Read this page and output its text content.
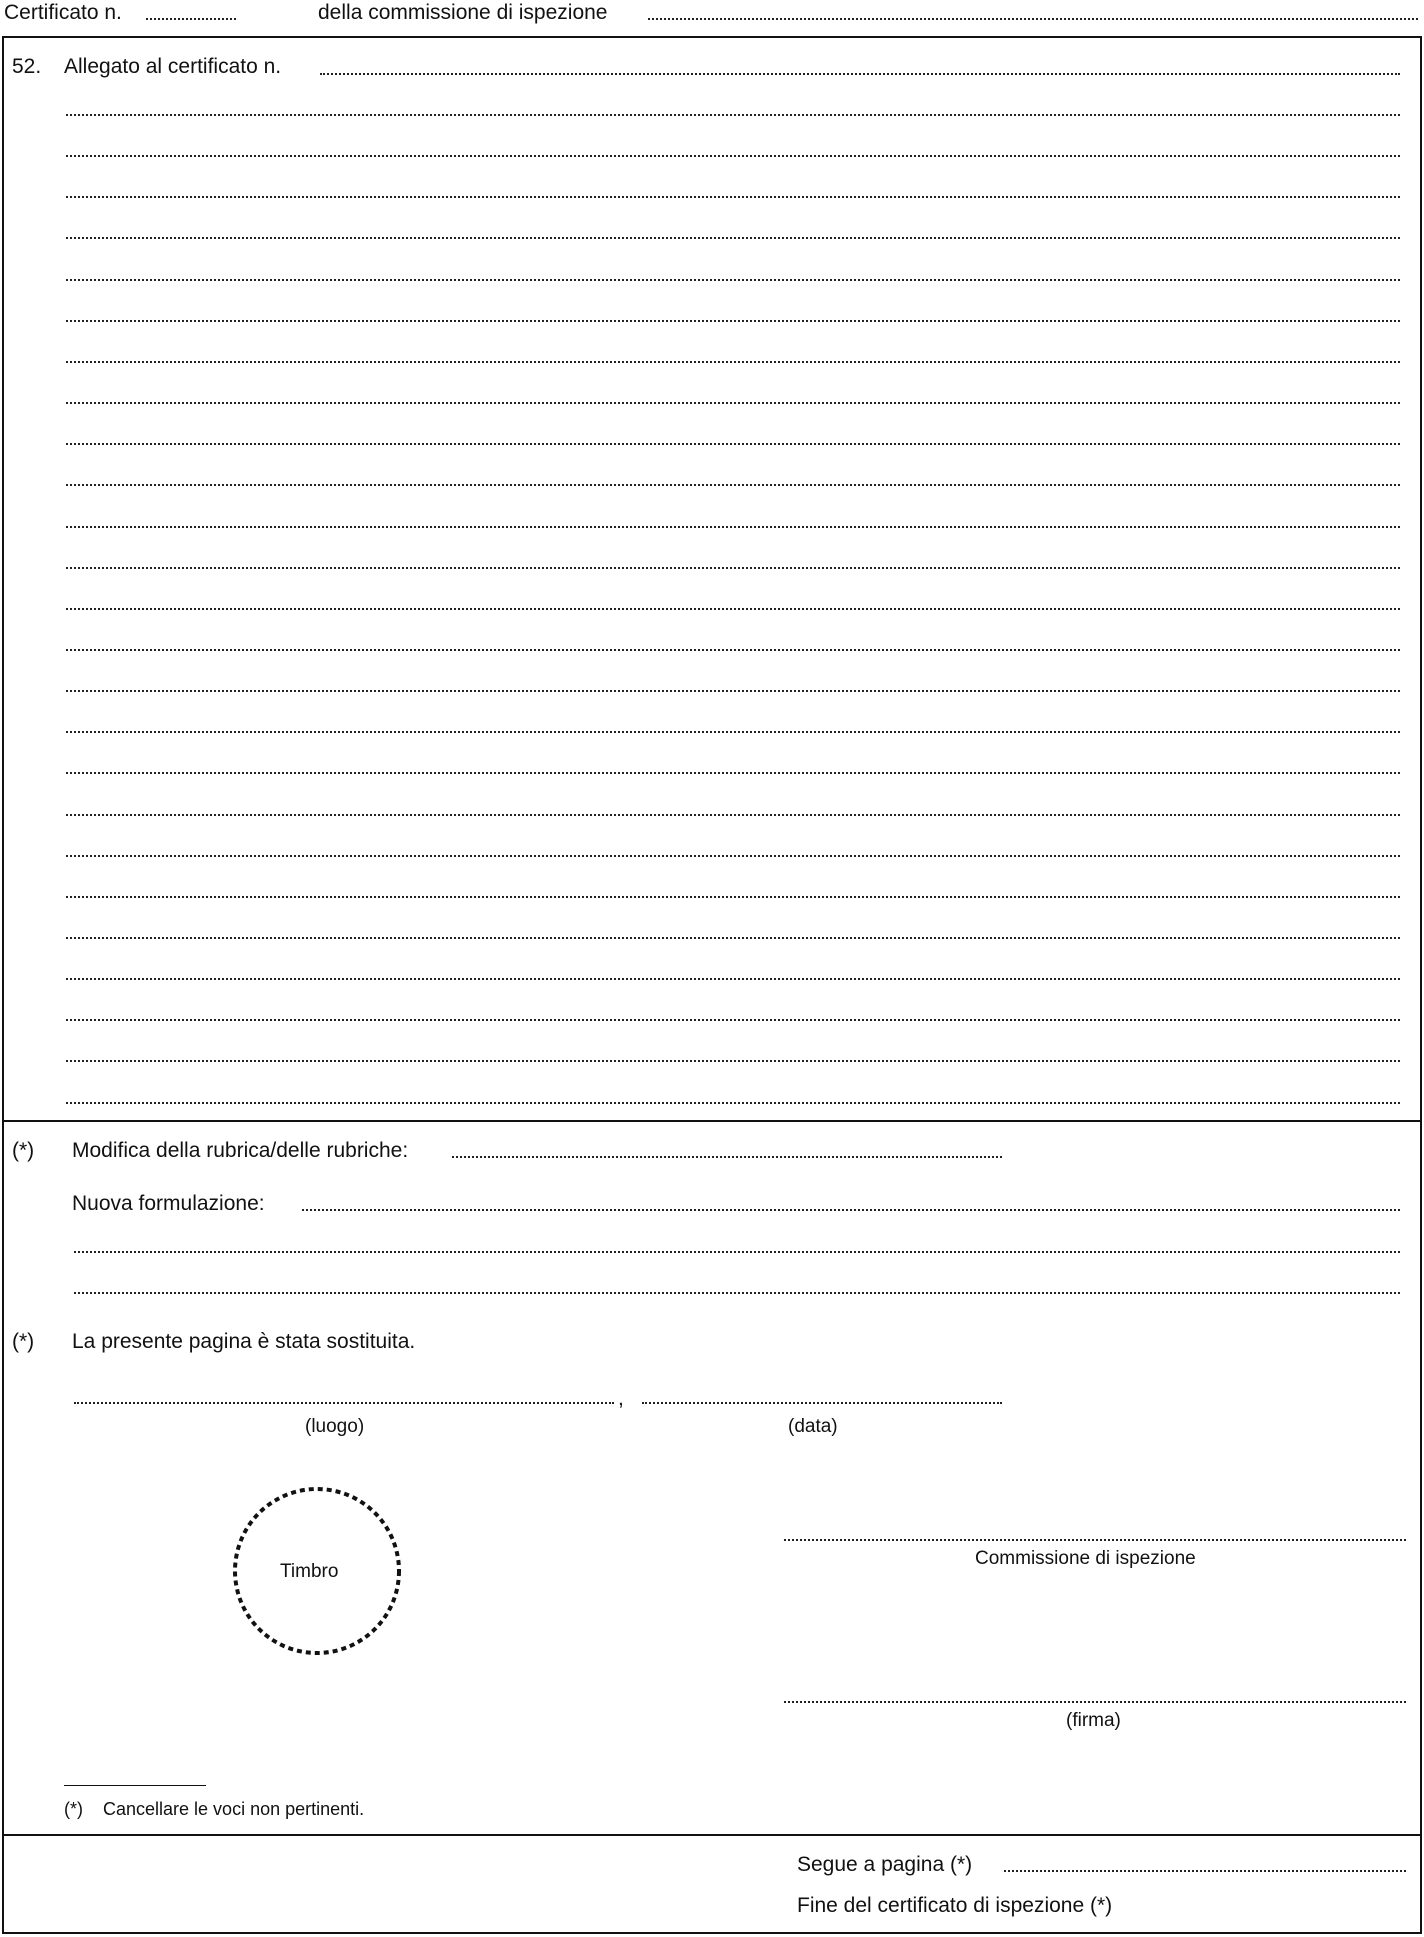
Certificato n.	della commissione di ispezione
52. Allegato al certificato n.
(*) Modifica della rubrica/delle rubriche:
Nuova formulazione:
(*) La presente pagina è stata sostituita.
,
(luogo)	(data)
Timbro
Commissione di ispezione
(firma)
(*) Cancellare le voci non pertinenti.
Segue a pagina (*)
Fine del certificato di ispezione (*)
